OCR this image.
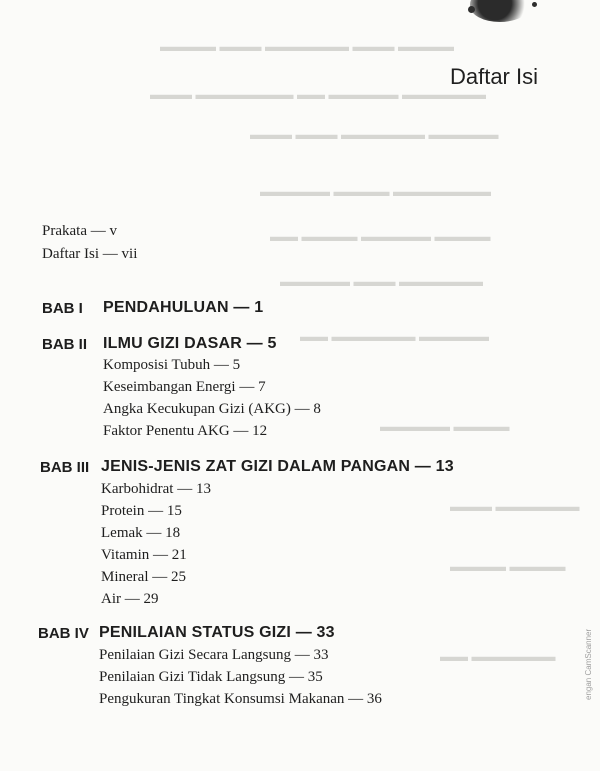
▬▬▬▬ ▬▬▬ ▬▬▬▬▬▬ ▬▬▬ ▬▬▬▬
▬▬▬▬▬▬ ▬▬▬▬▬ ▬▬ ▬▬▬▬▬▬▬ ▬▬▬
▬▬▬▬▬ ▬▬▬▬▬▬ ▬▬▬ ▬▬▬
▬▬▬▬▬▬▬ ▬▬▬▬ ▬▬▬▬▬
▬▬▬▬ ▬▬▬▬▬ ▬▬▬▬ ▬▬
▬▬▬▬▬▬ ▬▬▬ ▬▬▬▬▬
▬▬▬▬▬ ▬▬▬▬▬▬ ▬▬
▬▬▬▬ ▬▬▬▬▬
▬▬▬▬▬▬ ▬▬▬
▬▬▬▬ ▬▬▬▬
▬▬▬▬▬▬ ▬▬
Daftar Isi

Prakata — v

Daftar Isi — vii

BAB I PENDAHULUAN — 1
BAB II ILMU GIZI DASAR — 5
Komposisi Tubuh — 5
Keseimbangan Energi — 7
Angka Kecukupan Gizi (AKG) — 8
Faktor Penentu AKG — 12
BAB III JENIS-JENIS ZAT GIZI DALAM PANGAN — 13
Karbohidrat — 13
Protein — 15
Lemak — 18
Vitamin — 21
Mineral — 25
Air — 29
BAB IV PENILAIAN STATUS GIZI — 33
Penilaian Gizi Secara Langsung — 33
Penilaian Gizi Tidak Langsung — 35
Pengukuran Tingkat Konsumsi Makanan — 36	engan CamScanner
